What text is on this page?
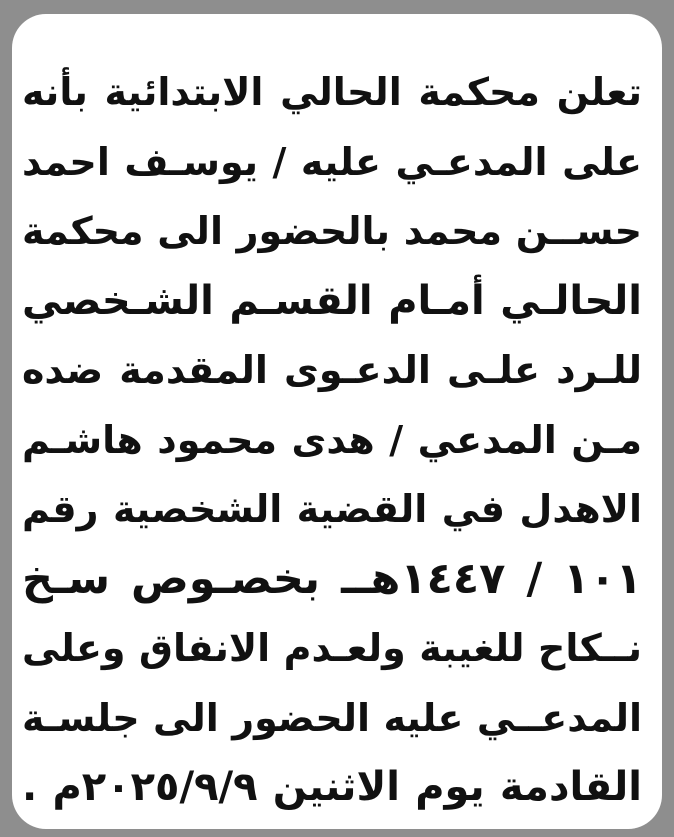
تعلن محكمة الحالي الابتدائية بأنه
على المدعـي عليه / يوسـف احمد
حســن محمد بالحضور الى محكمة
الحالـي أمـام القسـم الشـخصي
للـرد علـى الدعـوى المقدمة ضده
مـن المدعي / هدى محمود هاشـم
الاهدل في القضية الشخصية رقم
١٠١ / ١٤٤٧هــ بخصـوص سـخ
نــكاح للغيبة ولعـدم الانفاق وعلى
المدعــي عليه الحضور الى جلسـة
القادمة يوم الاثنين ٢٠٢٥/٩/٩م .
